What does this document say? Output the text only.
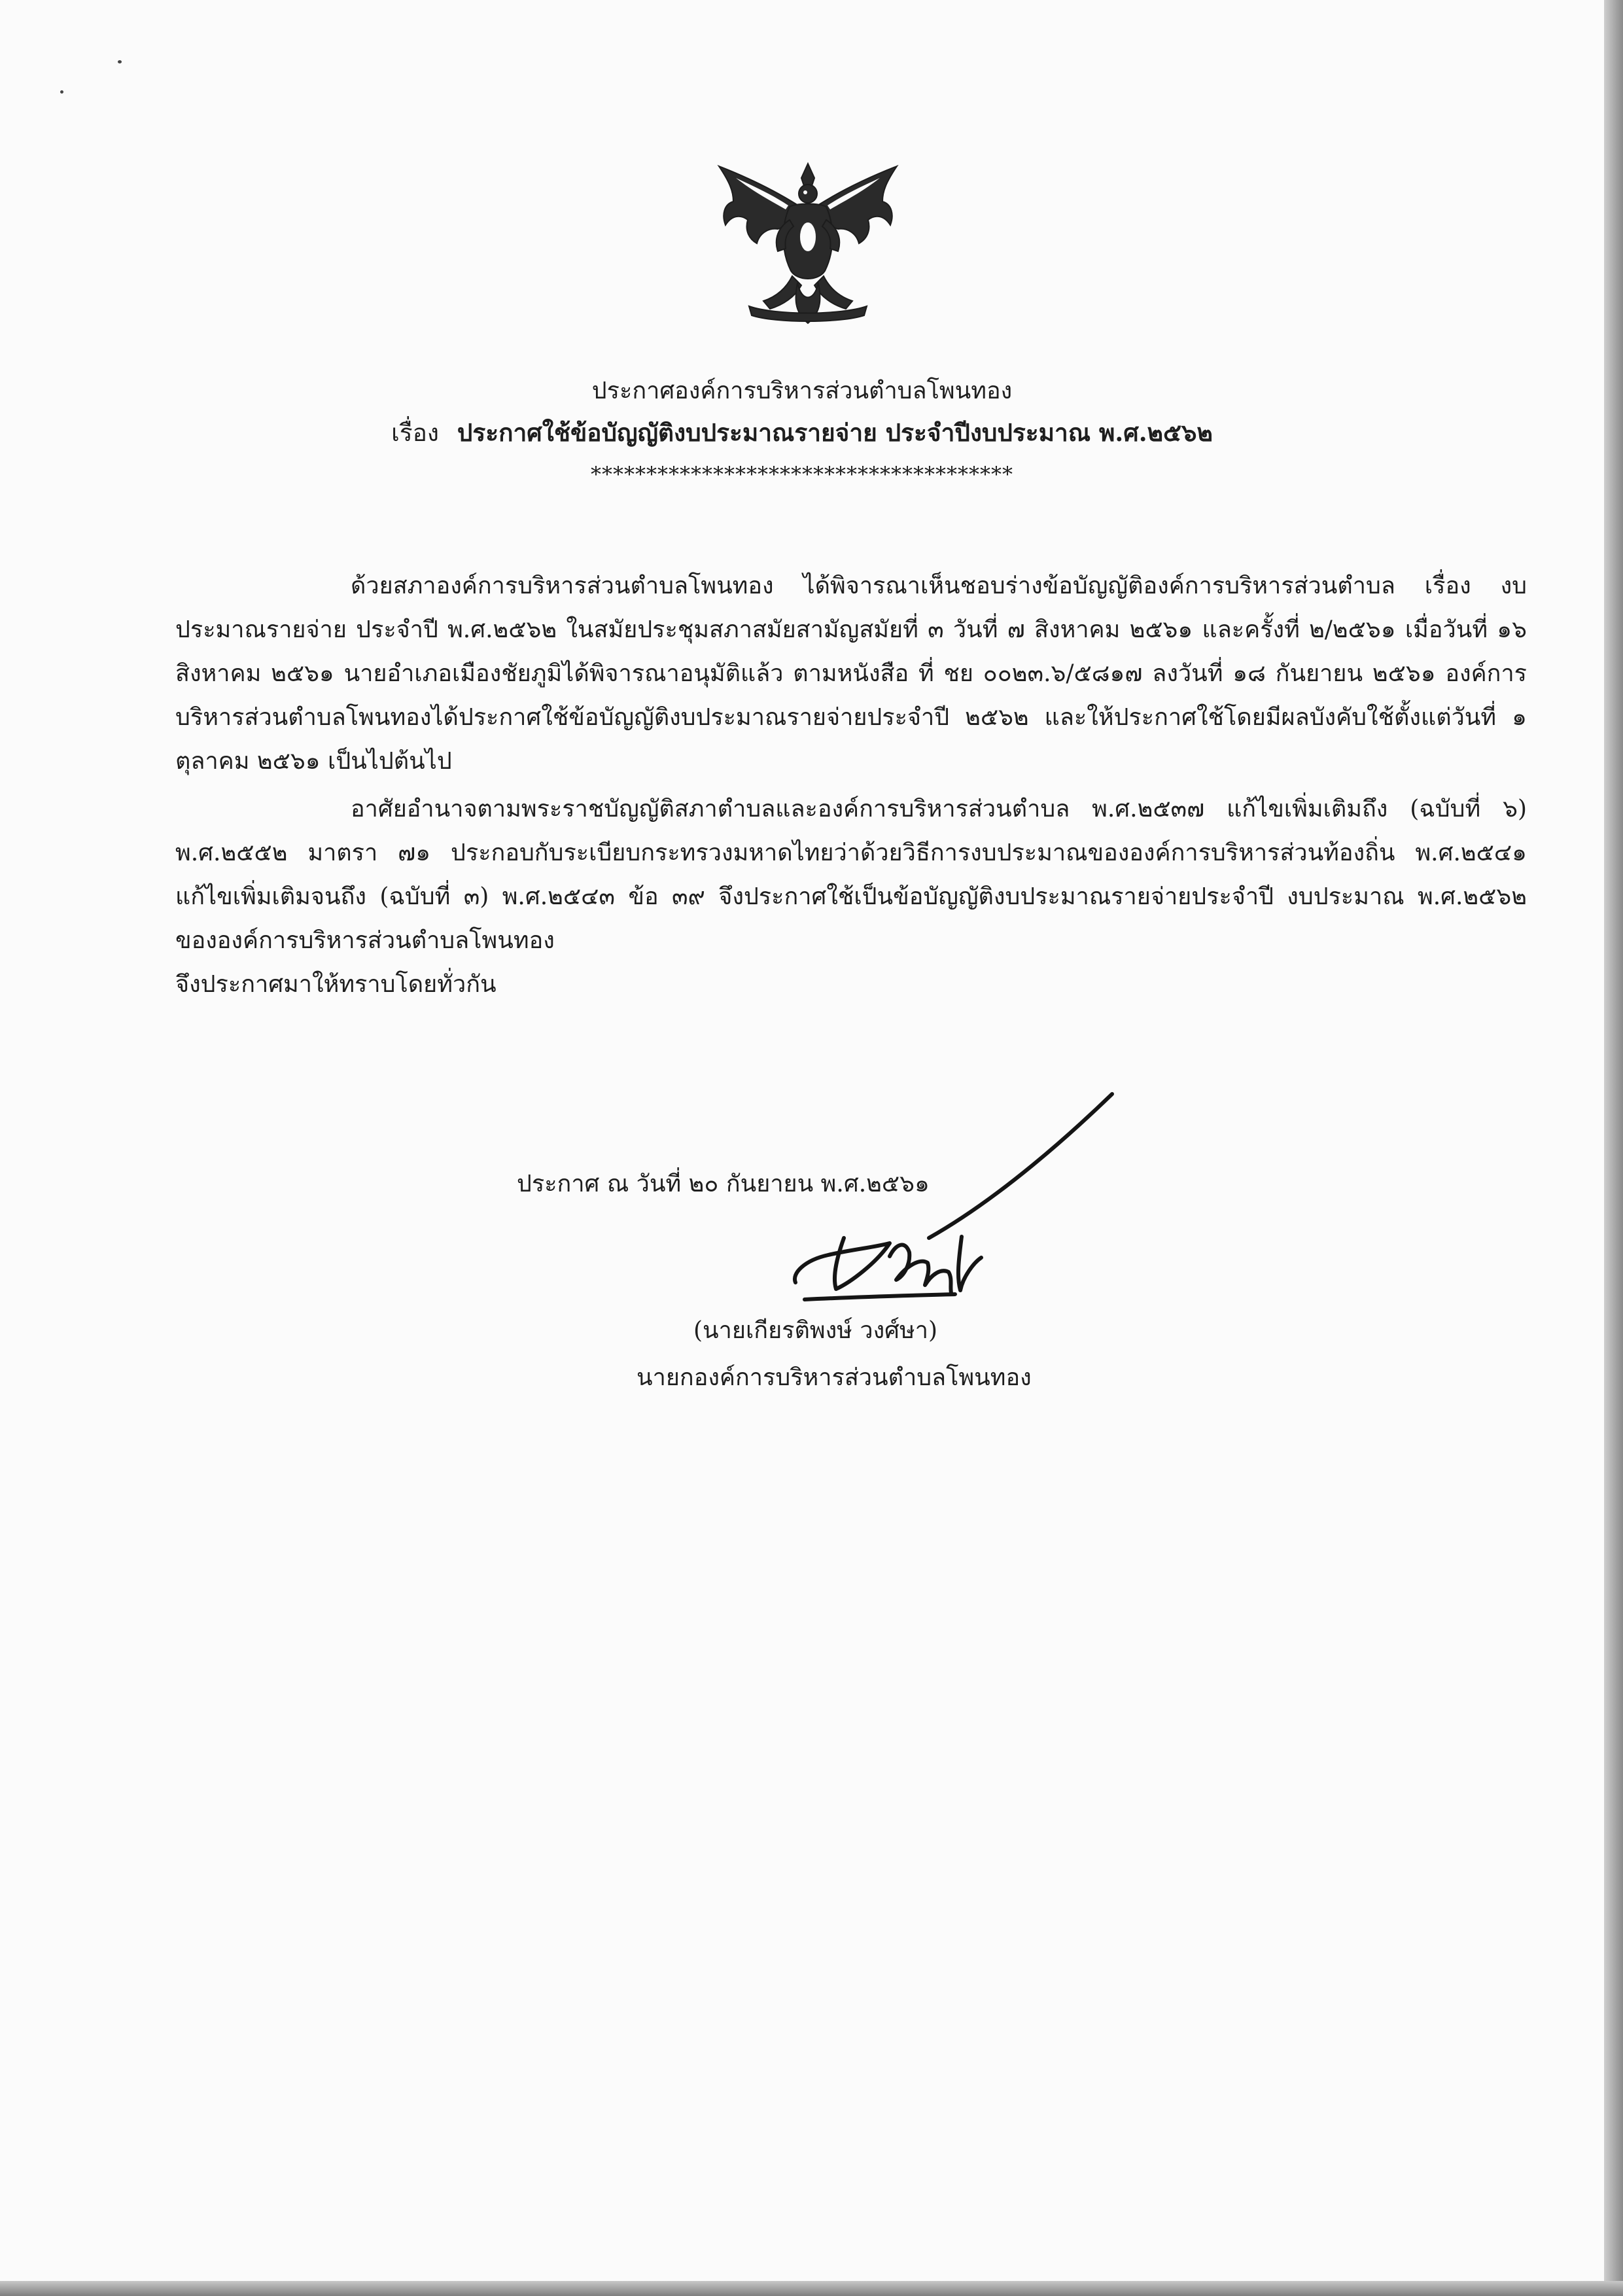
ประกาศองค์การบริหารส่วนตำบลโพนทอง
เรื่อง ประกาศใช้ข้อบัญญัติงบประมาณรายจ่าย ประจำปีงบประมาณ พ.ศ.๒๕๖๒
**************************************

ด้วยสภาองค์การบริหารส่วนตำบลโพนทอง ได้พิจารณาเห็นชอบร่างข้อบัญญัติองค์การบริหารส่วนตำบล เรื่อง งบประมาณรายจ่าย ประจำปี พ.ศ.๒๕๖๒ ในสมัยประชุมสภาสมัยสามัญสมัยที่ ๓ วันที่ ๗ สิงหาคม ๒๕๖๑ และครั้งที่ ๒/๒๕๖๑ เมื่อวันที่ ๑๖ สิงหาคม ๒๕๖๑ นายอำเภอเมืองชัยภูมิได้พิจารณาอนุมัติแล้ว ตามหนังสือ ที่ ชย ๐๐๒๓.๖/๕๘๑๗ ลงวันที่ ๑๘ กันยายน ๒๕๖๑ องค์การบริหารส่วนตำบลโพนทองได้ประกาศใช้ข้อบัญญัติงบประมาณรายจ่ายประจำปี ๒๕๖๒ และให้ประกาศใช้โดยมีผลบังคับใช้ตั้งแต่วันที่ ๑ ตุลาคม ๒๕๖๑ เป็นไปต้นไป

อาศัยอำนาจตามพระราชบัญญัติสภาตำบลและองค์การบริหารส่วนตำบล พ.ศ.๒๕๓๗ แก้ไขเพิ่มเติมถึง (ฉบับที่ ๖) พ.ศ.๒๕๕๒ มาตรา ๗๑ ประกอบกับระเบียบกระทรวงมหาดไทยว่าด้วยวิธีการงบประมาณขององค์การบริหารส่วนท้องถิ่น พ.ศ.๒๕๔๑ แก้ไขเพิ่มเติมจนถึง (ฉบับที่ ๓) พ.ศ.๒๕๔๓ ข้อ ๓๙ จึงประกาศใช้เป็นข้อบัญญัติงบประมาณรายจ่ายประจำปี งบประมาณ พ.ศ.๒๕๖๒ ขององค์การบริหารส่วนตำบลโพนทอง

จึงประกาศมาให้ทราบโดยทั่วกัน

ประกาศ ณ วันที่ ๒๐ กันยายน พ.ศ.๒๕๖๑
(นายเกียรติพงษ์ วงศ์ษา)
นายกองค์การบริหารส่วนตำบลโพนทอง
